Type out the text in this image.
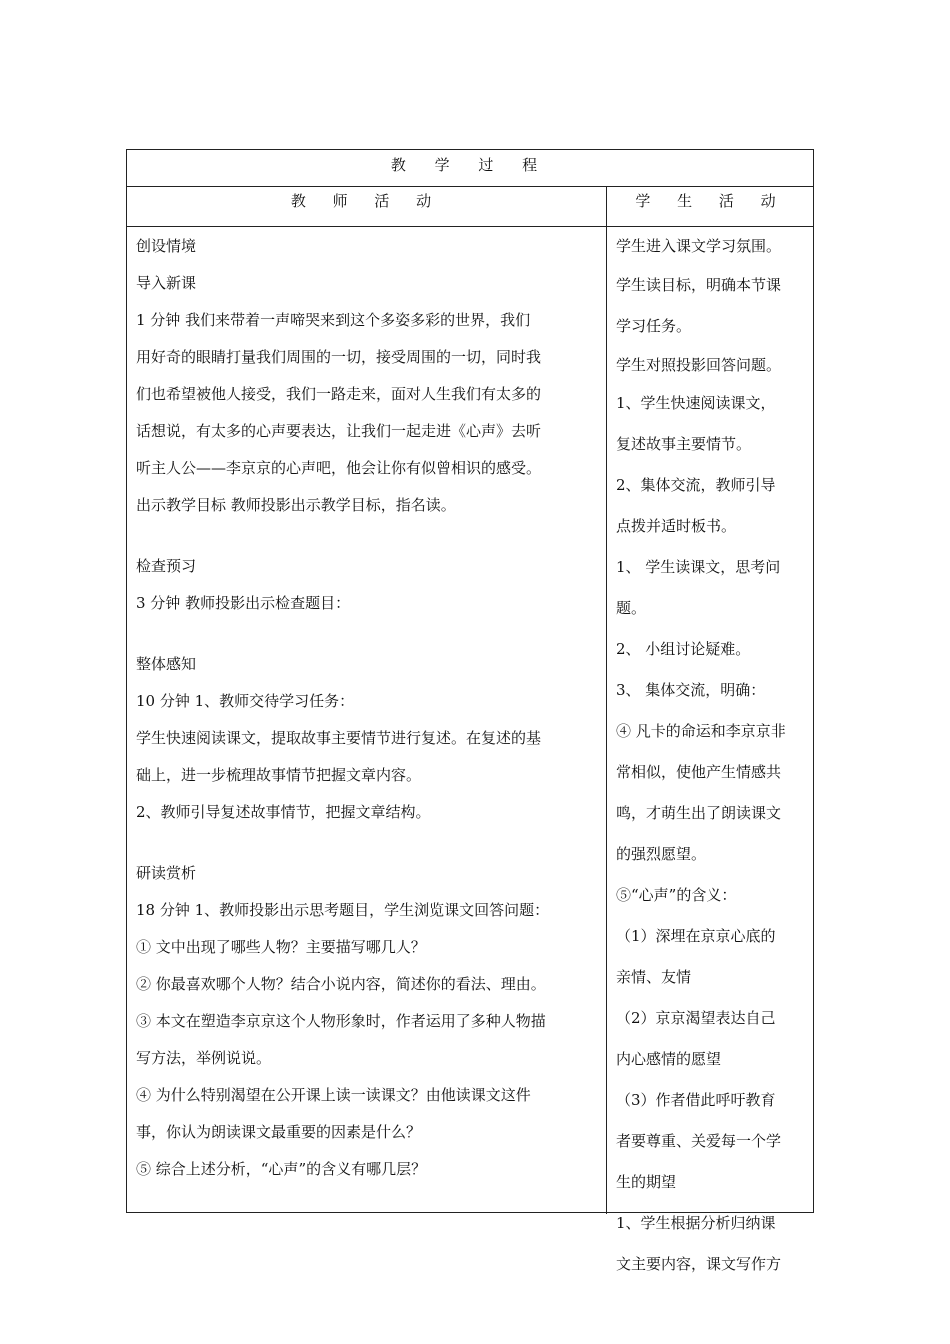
教 学 过 程
教 师 活 动	学 生 活 动
创设情境
导入新课
1 分钟 我们来带着一声啼哭来到这个多姿多彩的世界，我们
用好奇的眼睛打量我们周围的一切，接受周围的一切，同时我
们也希望被他人接受，我们一路走来，面对人生我们有太多的
话想说，有太多的心声要表达，让我们一起走进《心声》去听
听主人公——李京京的心声吧，他会让你有似曾相识的感受。
出示教学目标 教师投影出示教学目标，指名读。
检查预习
3 分钟 教师投影出示检查题目：
整体感知
10 分钟 1、教师交待学习任务：
学生快速阅读课文，提取故事主要情节进行复述。在复述的基
础上，进一步梳理故事情节把握文章内容。
2、教师引导复述故事情节，把握文章结构。
研读赏析
18 分钟 1、教师投影出示思考题目，学生浏览课文回答问题：
① 文中出现了哪些人物？主要描写哪几人？
② 你最喜欢哪个人物？结合小说内容，简述你的看法、理由。
③ 本文在塑造李京京这个人物形象时，作者运用了多种人物描
写方法，举例说说。
④ 为什么特别渴望在公开课上读一读课文？由他读课文这件
事，你认为朗读课文最重要的因素是什么？
⑤ 综合上述分析，“心声”的含义有哪几层？
学生进入课文学习氛围。
学生读目标，明确本节课
学习任务。
学生对照投影回答问题。
1、学生快速阅读课文，
复述故事主要情节。
2、集体交流，教师引导
点拨并适时板书。
1、 学生读课文，思考问
题。
2、 小组讨论疑难。
3、 集体交流，明确：
④ 凡卡的命运和李京京非
常相似，使他产生情感共
鸣，才萌生出了朗读课文
的强烈愿望。
⑤“心声”的含义：
（1）深埋在京京心底的
亲情、友情
（2）京京渴望表达自己
内心感情的愿望
（3）作者借此呼吁教育
者要尊重、关爱每一个学
生的期望
1、学生根据分析归纳课
文主要内容，课文写作方
